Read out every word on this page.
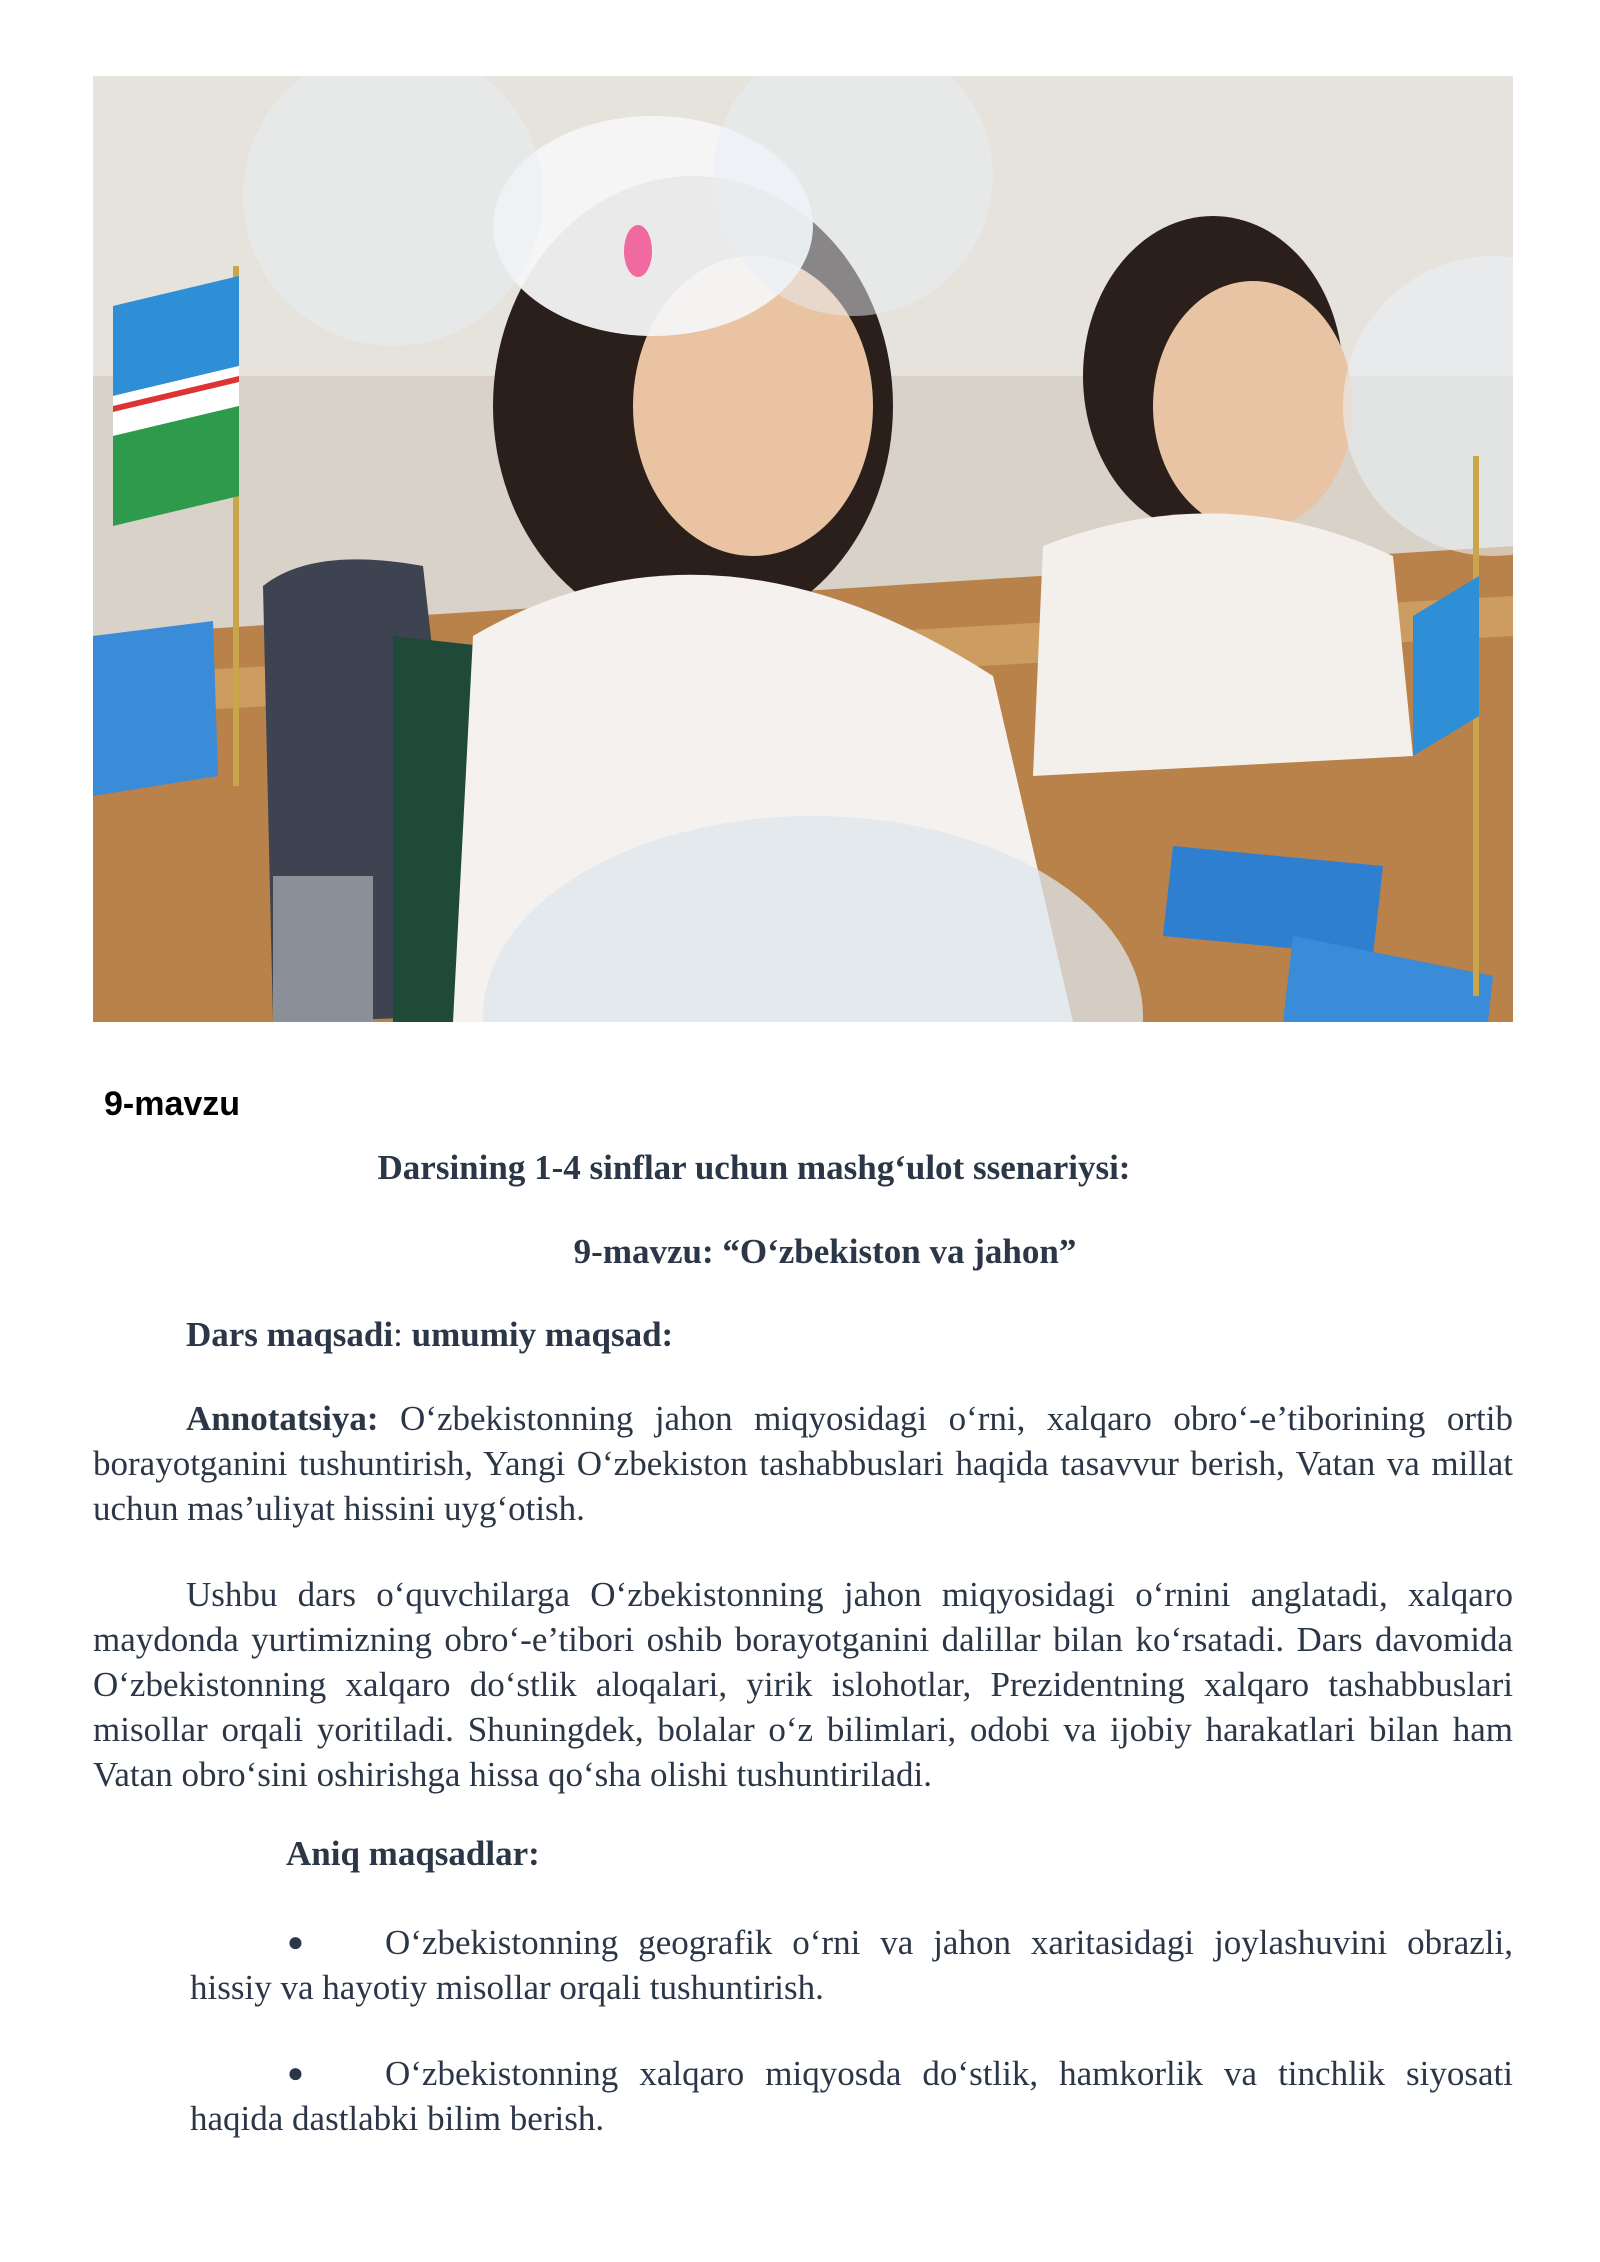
9-mavzu
Darsining 1-4 sinflar uchun mashg‘ulot ssenariysi:
9-mavzu: “O‘zbekiston va jahon”
Dars maqsadi: umumiy maqsad:
Annotatsiya: O‘zbekistonning jahon miqyosidagi o‘rni, xalqaro obro‘-e’tiborining ortib borayotganini tushuntirish, Yangi O‘zbekiston tashabbuslari haqida tasavvur berish, Vatan va millat uchun mas’uliyat hissini uyg‘otish.
Ushbu dars o‘quvchilarga O‘zbekistonning jahon miqyosidagi o‘rnini anglatadi, xalqaro maydonda yurtimizning obro‘-e’tibori oshib borayotganini dalillar bilan ko‘rsatadi. Dars davomida O‘zbekistonning xalqaro do‘stlik aloqalari, yirik islohotlar, Prezidentning xalqaro tashabbuslari misollar orqali yoritiladi. Shuningdek, bolalar o‘z bilimlari, odobi va ijobiy harakatlari bilan ham Vatan obro‘sini oshirishga hissa qo‘sha olishi tushuntiriladi.
Aniq maqsadlar:
●	O‘zbekistonning geografik o‘rni va jahon xaritasidagi joylashuvini obrazli, hissiy va hayotiy misollar orqali tushuntirish.
●	O‘zbekistonning xalqaro miqyosda do‘stlik, hamkorlik va tinchlik siyosati haqida dastlabki bilim berish.
